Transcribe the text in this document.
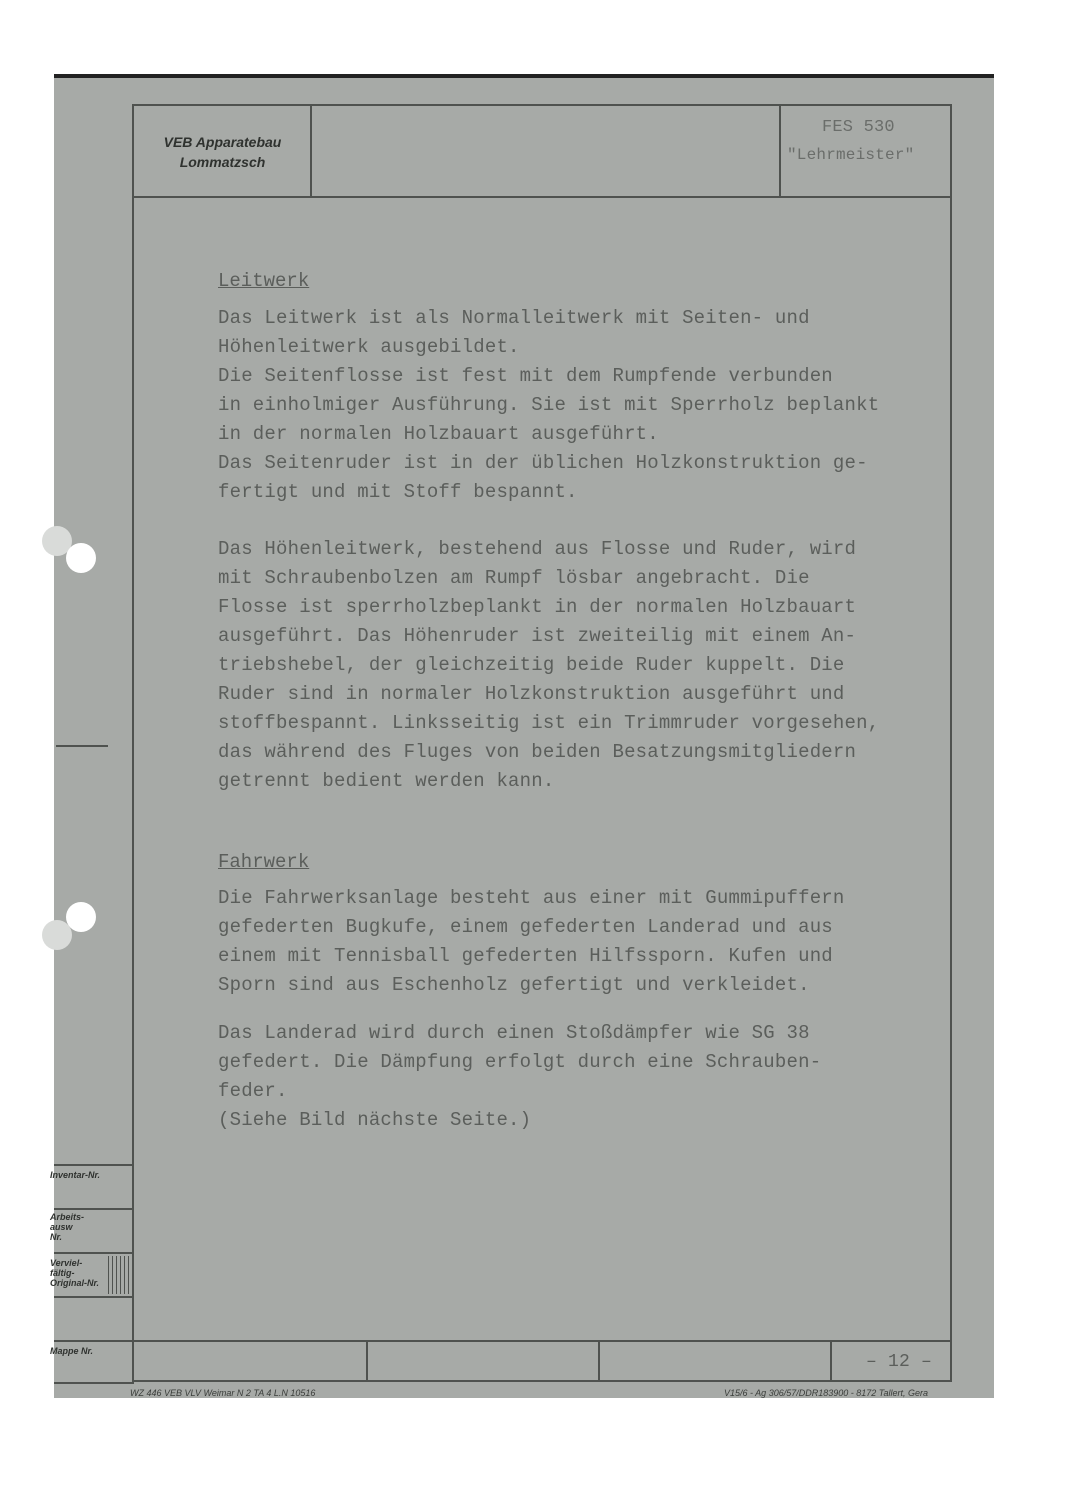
VEB Apparatebau
Lommatzsch
FES 530
"Lehrmeister"
Leitwerk
Das Leitwerk ist als Normalleitwerk mit Seiten- und
Höhenleitwerk ausgebildet.
Die Seitenflosse ist fest mit dem Rumpfende verbunden
in einholmiger Ausführung. Sie ist mit Sperrholz beplankt
in der normalen Holzbauart ausgeführt.
Das Seitenruder ist in der üblichen Holzkonstruktion ge-
fertigt und mit Stoff bespannt.
Das Höhenleitwerk, bestehend aus Flosse und Ruder, wird
mit Schraubenbolzen am Rumpf lösbar angebracht. Die
Flosse ist sperrholzbeplankt in der normalen Holzbauart
ausgeführt. Das Höhenruder ist zweiteilig mit einem An-
triebshebel, der gleichzeitig beide Ruder kuppelt. Die
Ruder sind in normaler Holzkonstruktion ausgeführt und
stoffbespannt. Linksseitig ist ein Trimmruder vorgesehen,
das während des Fluges von beiden Besatzungsmitgliedern
getrennt bedient werden kann.
Fahrwerk
Die Fahrwerksanlage besteht aus einer mit Gummipuffern
gefederten Bugkufe, einem gefederten Landerad und aus
einem mit Tennisball gefederten Hilfssporn. Kufen und
Sporn sind aus Eschenholz gefertigt und verkleidet.
Das Landerad wird durch einen Stoßdämpfer wie SG 38
gefedert. Die Dämpfung erfolgt durch eine Schrauben-
feder.
(Siehe Bild nächste Seite.)
Inventar-Nr.
Arbeits-
ausw
Nr.
Verviel-
fältig-
Original-Nr.
Mappe Nr.
– 12 –
WZ 446 VEB VLV Weimar N 2 TA 4 L.N 10516	V15/6 - Ag 306/57/DDR183900 - 8172 Tallert, Gera
